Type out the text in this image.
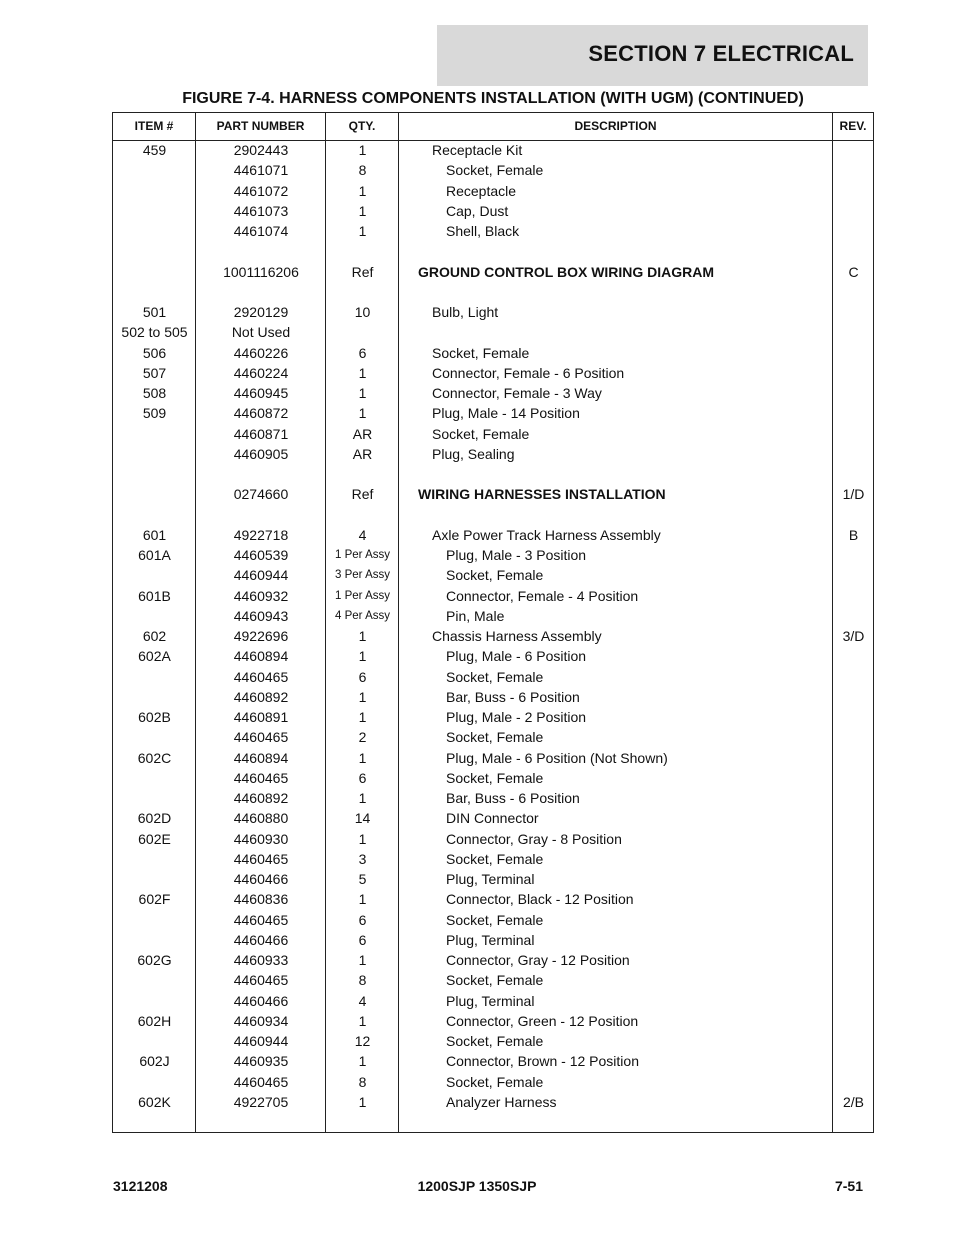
SECTION 7 ELECTRICAL
FIGURE 7-4. HARNESS COMPONENTS INSTALLATION (WITH UGM) (CONTINUED)
ITEM #	PART NUMBER	QTY.	DESCRIPTION	REV.
459	2902443	1	Receptacle Kit
4461071	8	Socket, Female
4461072	1	Receptacle
4461073	1	Cap, Dust
4461074	1	Shell, Black
1001116206	Ref	GROUND CONTROL BOX WIRING DIAGRAM	C
501	2920129	10	Bulb, Light
502 to 505	Not Used
506	4460226	6	Socket, Female
507	4460224	1	Connector, Female - 6 Position
508	4460945	1	Connector, Female - 3 Way
509	4460872	1	Plug, Male - 14 Position
4460871	AR	Socket, Female
4460905	AR	Plug, Sealing
0274660	Ref	WIRING HARNESSES INSTALLATION	1/D
601	4922718	4	Axle Power Track Harness Assembly	B
601A	4460539	1 Per Assy	Plug, Male - 3 Position
4460944	3 Per Assy	Socket, Female
601B	4460932	1 Per Assy	Connector, Female - 4 Position
4460943	4 Per Assy	Pin, Male
602	4922696	1	Chassis Harness Assembly	3/D
602A	4460894	1	Plug, Male - 6 Position
4460465	6	Socket, Female
4460892	1	Bar, Buss - 6 Position
602B	4460891	1	Plug, Male - 2 Position
4460465	2	Socket, Female
602C	4460894	1	Plug, Male - 6 Position (Not Shown)
4460465	6	Socket, Female
4460892	1	Bar, Buss - 6 Position
602D	4460880	14	DIN Connector
602E	4460930	1	Connector, Gray - 8 Position
4460465	3	Socket, Female
4460466	5	Plug, Terminal
602F	4460836	1	Connector, Black - 12 Position
4460465	6	Socket, Female
4460466	6	Plug, Terminal
602G	4460933	1	Connector, Gray - 12 Position
4460465	8	Socket, Female
4460466	4	Plug, Terminal
602H	4460934	1	Connector, Green - 12 Position
4460944	12	Socket, Female
602J	4460935	1	Connector, Brown - 12 Position
4460465	8	Socket, Female
602K	4922705	1	Analyzer Harness	2/B
3121208	1200SJP 1350SJP	7-51
